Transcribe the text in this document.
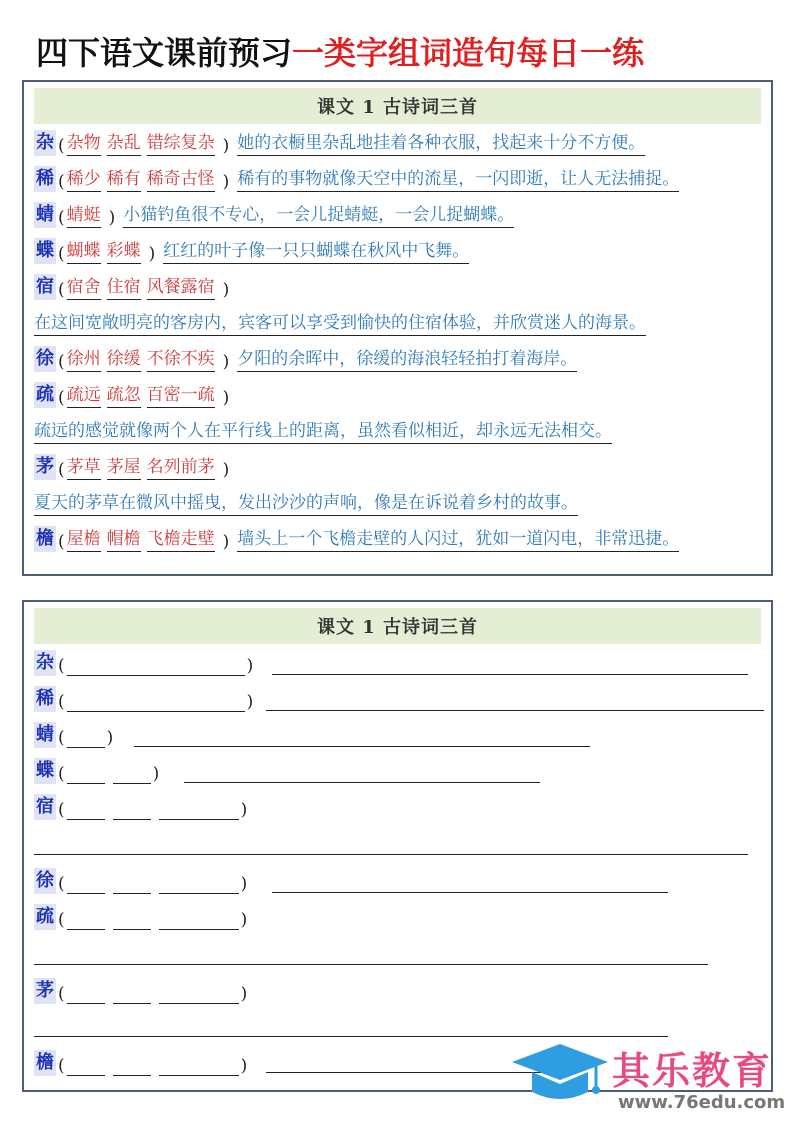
四下语文课前预习 一类字组词造句每日一练
课文 1 古诗词三首
杂 ( 杂物 杂乱 错综复杂 ) 她的衣橱里杂乱地挂着各种衣服，找起来十分不方便。
稀 ( 稀少 稀有 稀奇古怪 ) 稀有的事物就像天空中的流星，一闪即逝，让人无法捕捉。
蜻 ( 蜻蜓 ) 小猫钓鱼很不专心，一会儿捉蜻蜓，一会儿捉蝴蝶。
蝶 ( 蝴蝶 彩蝶 ) 红红的叶子像一只只蝴蝶在秋风中飞舞。
宿 ( 宿舍 住宿 风餐露宿 )
在这间宽敞明亮的客房内，宾客可以享受到愉快的住宿体验，并欣赏迷人的海景。
徐 ( 徐州 徐缓 不徐不疾 ) 夕阳的余晖中，徐缓的海浪轻轻拍打着海岸。
疏 ( 疏远 疏忽 百密一疏 )
疏远的感觉就像两个人在平行线上的距离，虽然看似相近，却永远无法相交。
茅 ( 茅草 茅屋 名列前茅 )
夏天的茅草在微风中摇曳，发出沙沙的声响，像是在诉说着乡村的故事。
檐 ( 屋檐 帽檐 飞檐走壁 ) 墙头上一个飞檐走壁的人闪过，犹如一道闪电，非常迅捷。
课文 1 古诗词三首
杂 (	)
稀 (	)
蜻 ( )
蝶 (	)
宿 (	)
徐 (	)
疏 (	)
茅 (	)
檐 (	)	其乐教育
www.76edu.com
